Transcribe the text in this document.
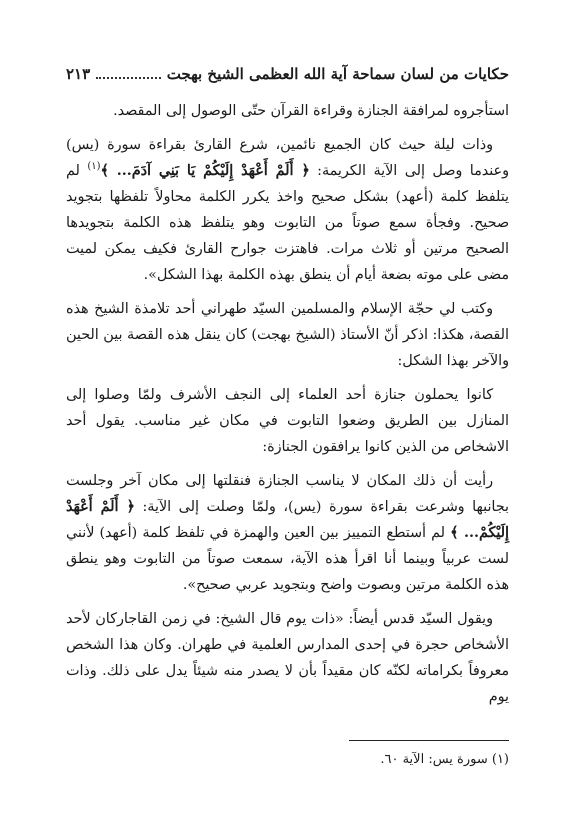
حكايات من لسان سماحة آية الله العظمى الشيخ بهجت
٢١٣

استأجروه لمرافقة الجنازة وقراءة القرآن حتّى الوصول إلى المقصد.

وذات ليلة حيث كان الجميع نائمين، شرع القارئ بقراءة سورة (يس) وعندما وصل إلى الآية الكريمة: ﴿ أَلَمْ أَعْهَدْ إِلَيْكُمْ يَا بَنِي آدَمَ... ﴾$^{(١)}$ لم يتلفظ كلمة (أعهد) بشكل صحيح واخذ يكرر الكلمة محاولاً تلفظها بتجويد صحيح. وفجأة سمع صوتاً من التابوت وهو يتلفظ هذه الكلمة بتجويدها الصحيح مرتين أو ثلاث مرات. فاهتزت جوارح القارئ فكيف يمكن لميت مضى على موته بضعة أيام أن ينطق بهذه الكلمة بهذا الشكل».

وكتب لي حجّة الإسلام والمسلمين السيّد طهراني أحد تلامذة الشيخ هذه القصة، هكذا: اذكر أنّ الأستاذ (الشيخ بهجت) كان ينقل هذه القصة بين الحين والآخر بهذا الشكل:

كانوا يحملون جنازة أحد العلماء إلى النجف الأشرف ولمّا وصلوا إلى المنازل بين الطريق وضعوا التابوت في مكان غير مناسب. يقول أحد الاشخاص من الذين كانوا يرافقون الجنازة:

رأيت أن ذلك المكان لا يناسب الجنازة فنقلتها إلى مكان آخر وجلست بجانبها وشرعت بقراءة سورة (يس)، ولمّا وصلت إلى الآية: ﴿ أَلَمْ أَعْهَدْ إِلَيْكُمْ... ﴾ لم أستطع التمييز بين العين والهمزة في تلفظ كلمة (أعهد) لأنني لست عربياً وبينما أنا اقرأ هذه الآية، سمعت صوتاً من التابوت وهو ينطق هذه الكلمة مرتين وبصوت واضح وبتجويد عربي صحيح».

ويقول السيّد قدس أيضاً: «ذات يوم قال الشيخ: في زمن القاجاركان لأحد الأشخاص حجرة في إحدى المدارس العلمية في طهران. وكان هذا الشخص معروفاً بكراماته لكنّه كان مقيداً بأن لا يصدر منه شيئاً يدل على ذلك. وذات يوم

(١) سورة يس: الآية ٦٠.
